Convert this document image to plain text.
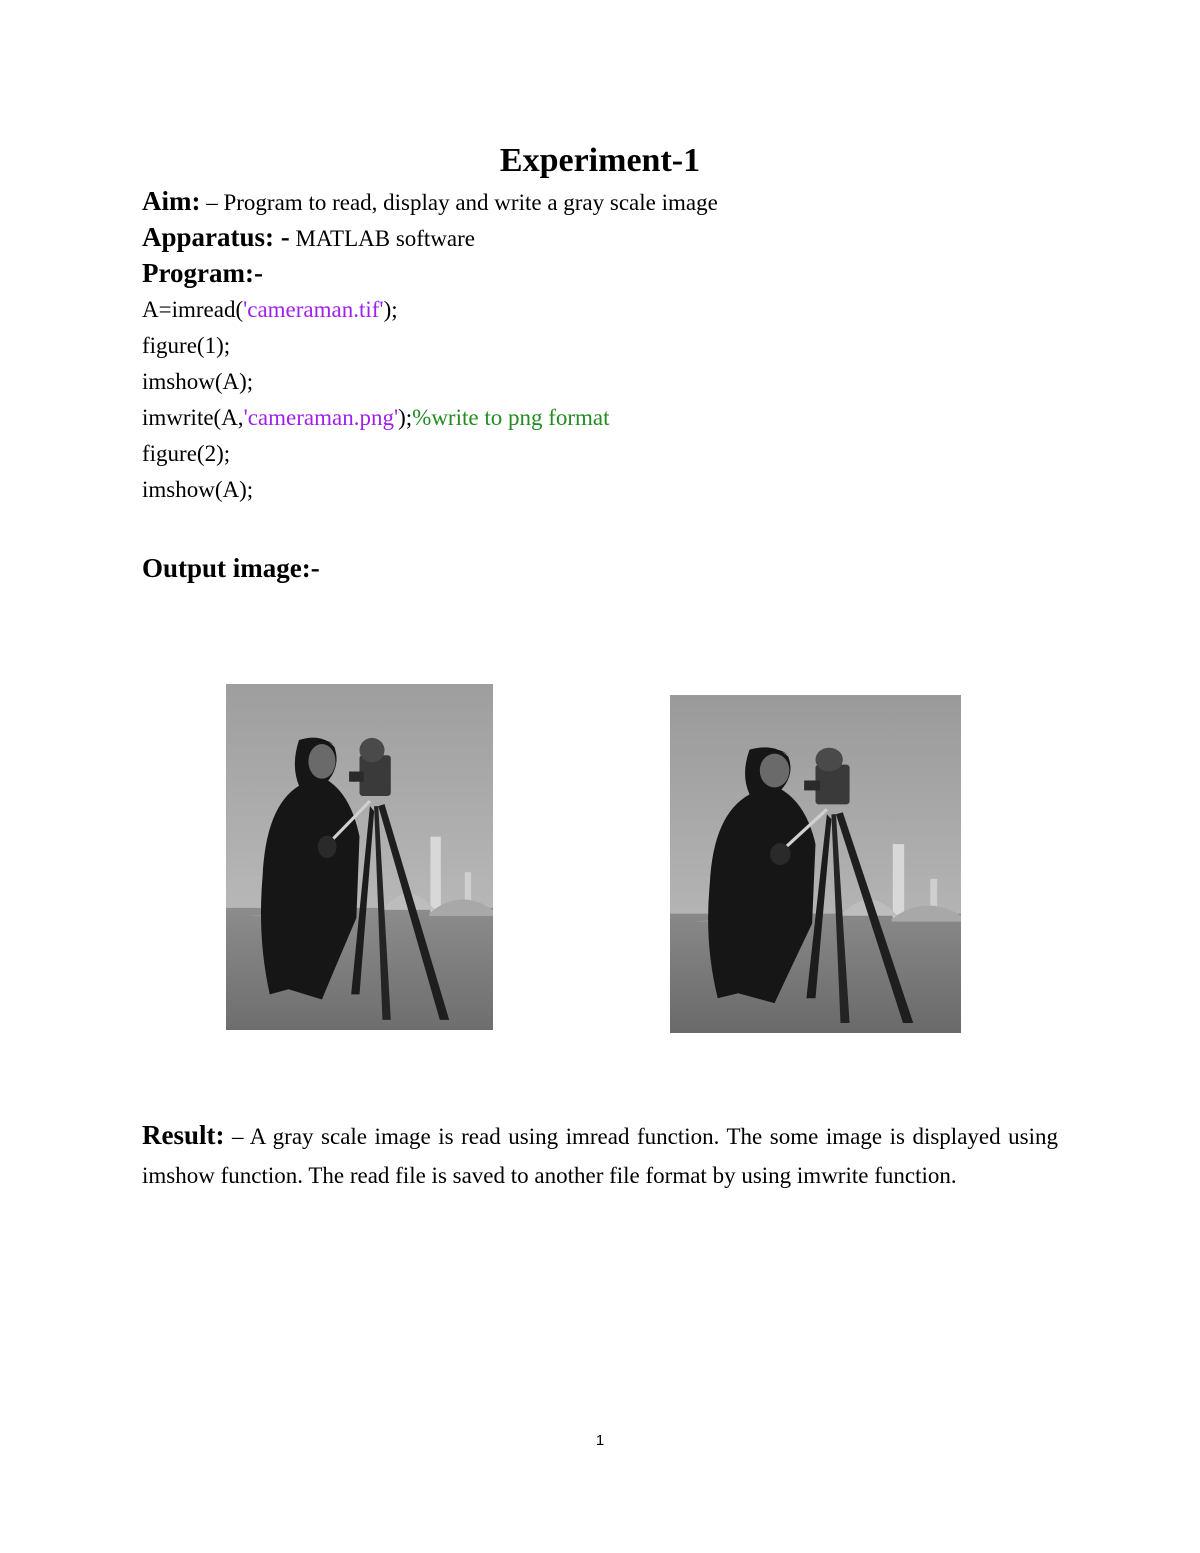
Experiment-1
Aim: – Program to read, display and write a gray scale image
Apparatus: - MATLAB software
Program:-
A=imread('cameraman.tif');
figure(1);
imshow(A);
imwrite(A,'cameraman.png');%write to png format
figure(2);
imshow(A);
Output image:-
Result: – A gray scale image is read using imread function. The some image is displayed using imshow function. The read file is saved to another file format by using imwrite function.
1
